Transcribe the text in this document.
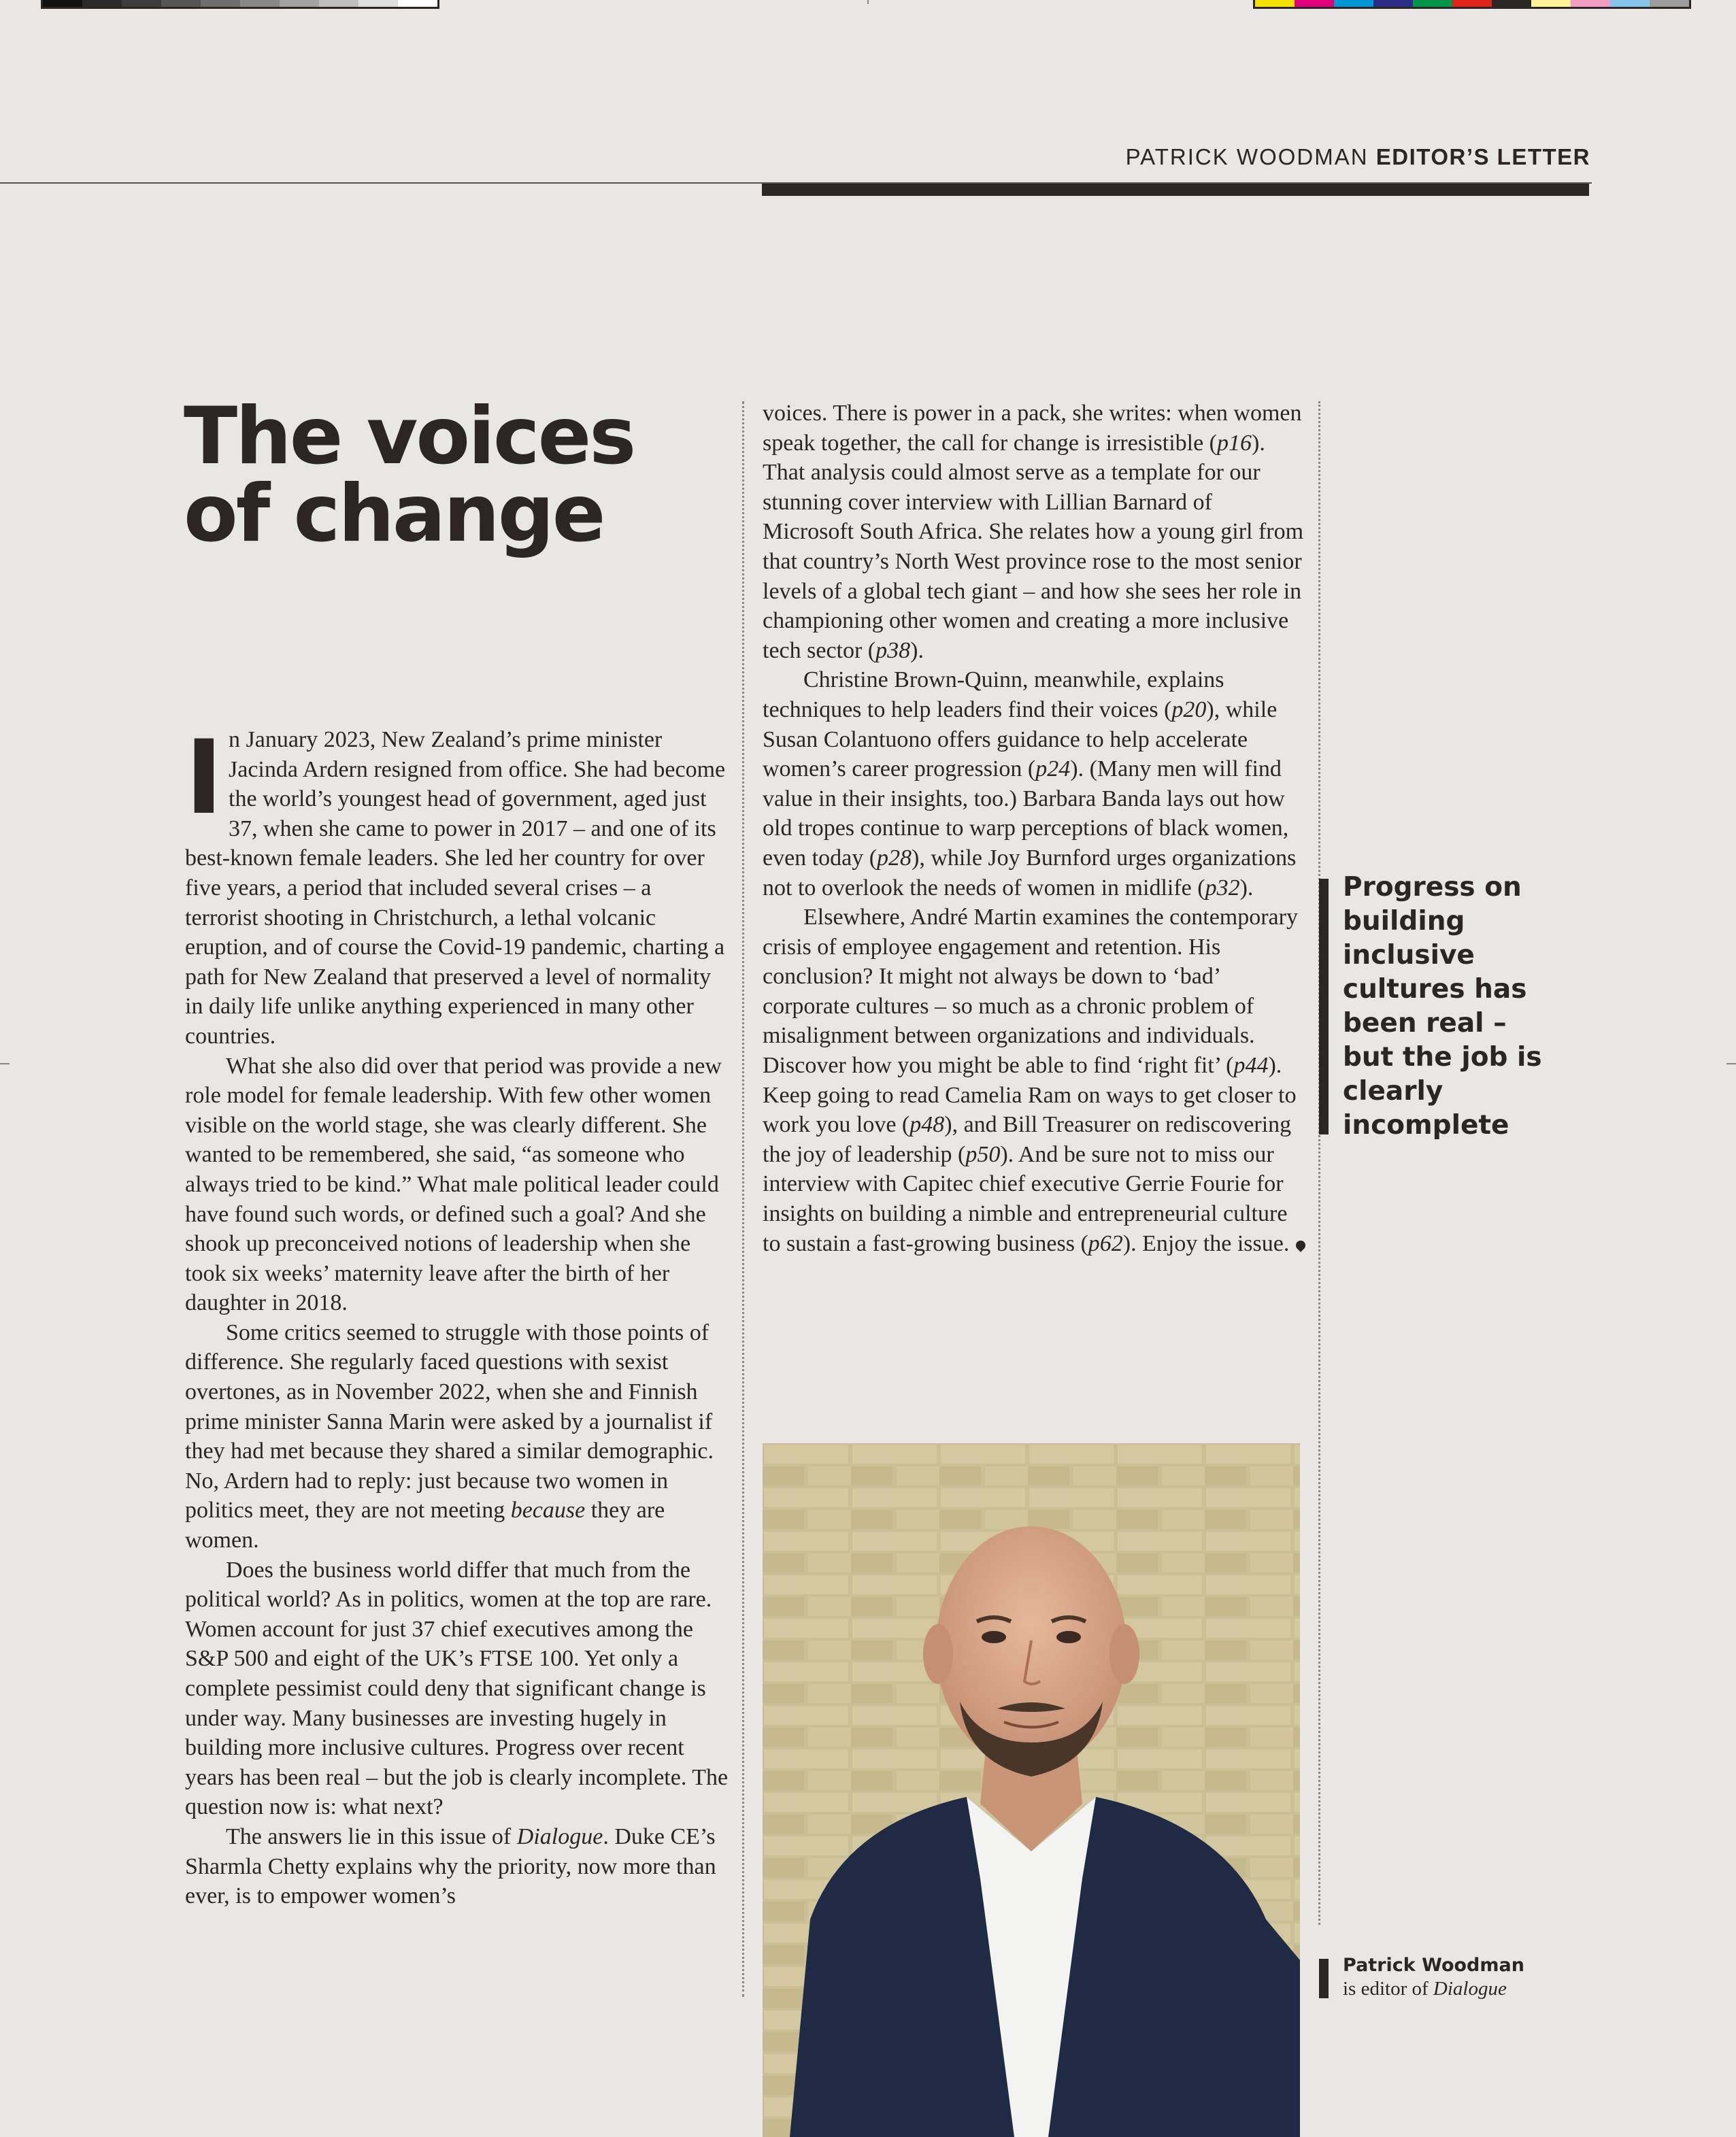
PATRICK WOODMAN EDITOR’S LETTER
The voices
of change

In January 2023, New Zealand’s prime minister Jacinda Ardern resigned from office. She had become the world’s youngest head of government, aged just 37, when she came to power in 2017 – and one of its best-known female leaders. She led her country for over five years, a period that included several crises – a terrorist shooting in Christchurch, a lethal volcanic eruption, and of course the Covid-19 pandemic, charting a path for New Zealand that preserved a level of normality in daily life unlike anything experienced in many other countries.

What she also did over that period was provide a new role model for female leadership. With few other women visible on the world stage, she was clearly different. She wanted to be remembered, she said, “as someone who always tried to be kind.” What male political leader could have found such words, or defined such a goal? And she shook up preconceived notions of leadership when she took six weeks’ maternity leave after the birth of her daughter in 2018.

Some critics seemed to struggle with those points of difference. She regularly faced questions with sexist overtones, as in November 2022, when she and Finnish prime minister Sanna Marin were asked by a journalist if they had met because they shared a similar demographic. No, Ardern had to reply: just because two women in politics meet, they are not meeting because they are women.

Does the business world differ that much from the political world? As in politics, women at the top are rare. Women account for just 37 chief executives among the S&P 500 and eight of the UK’s FTSE 100. Yet only a complete pessimist could deny that significant change is under way. Many businesses are investing hugely in building more inclusive cultures. Progress over recent years has been real – but the job is clearly incomplete. The question now is: what next?

The answers lie in this issue of Dialogue. Duke CE’s Sharmla Chetty explains why the priority, now more than ever, is to empower women’s

voices. There is power in a pack, she writes: when women speak together, the call for change is irresistible (p16). That analysis could almost serve as a template for our stunning cover interview with Lillian Barnard of Microsoft South Africa. She relates how a young girl from that country’s North West province rose to the most senior levels of a global tech giant – and how she sees her role in championing other women and creating a more inclusive tech sector (p38).

Christine Brown-Quinn, meanwhile, explains techniques to help leaders find their voices (p20), while Susan Colantuono offers guidance to help accelerate women’s career progression (p24). (Many men will find value in their insights, too.) Barbara Banda lays out how old tropes continue to warp perceptions of black women, even today (p28), while Joy Burnford urges organizations not to overlook the needs of women in midlife (p32).

Elsewhere, André Martin examines the contemporary crisis of employee engagement and retention. His conclusion? It might not always be down to ‘bad’ corporate cultures – so much as a chronic problem of misalignment between organizations and individuals. Discover how you might be able to find ‘right fit’ (p44). Keep going to read Camelia Ram on ways to get closer to work you love (p48), and Bill Treasurer on rediscovering the joy of leadership (p50). And be sure not to miss our interview with Capitec chief executive Gerrie Fourie for insights on building a nimble and entrepreneurial culture to sustain a fast-growing business (p62). Enjoy the issue.

Progress on building inclusive cultures has been real – but the job is clearly incomplete
Patrick Woodman
is editor of Dialogue
